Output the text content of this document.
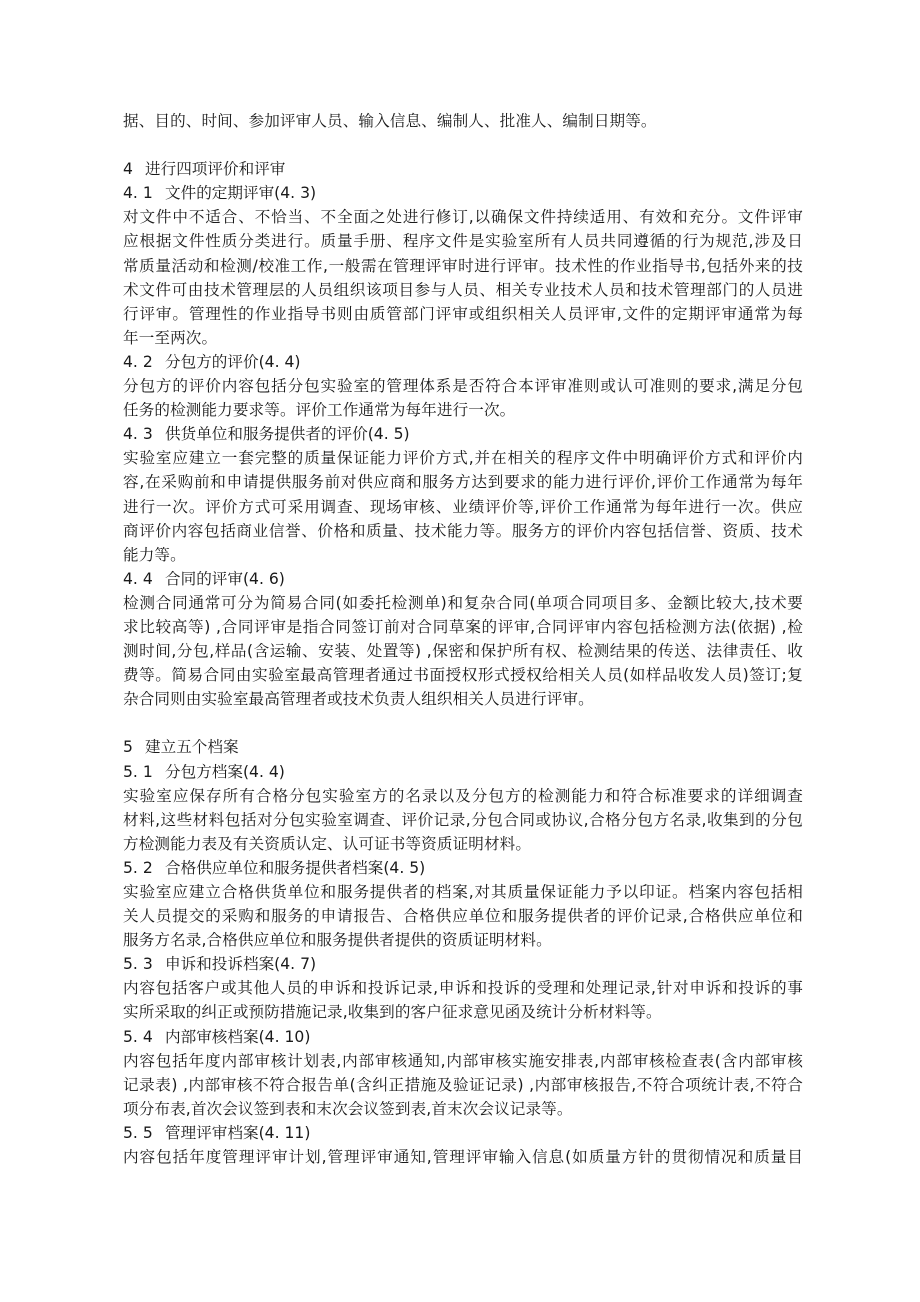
据、目的、时间、参加评审人员、输入信息、编制人、批准人、编制日期等。
4 进行四项评价和评审
4. 1 文件的定期评审(4. 3)
对文件中不适合、不恰当、不全面之处进行修订,以确保文件持续适用、有效和充分。文件评审
应根据文件性质分类进行。质量手册、程序文件是实验室所有人员共同遵循的行为规范,涉及日
常质量活动和检测/校准工作,一般需在管理评审时进行评审。技术性的作业指导书,包括外来的技
术文件可由技术管理层的人员组织该项目参与人员、相关专业技术人员和技术管理部门的人员进
行评审。管理性的作业指导书则由质管部门评审或组织相关人员评审,文件的定期评审通常为每
年一至两次。
4. 2 分包方的评价(4. 4)
分包方的评价内容包括分包实验室的管理体系是否符合本评审准则或认可准则的要求,满足分包
任务的检测能力要求等。评价工作通常为每年进行一次。
4. 3 供货单位和服务提供者的评价(4. 5)
实验室应建立一套完整的质量保证能力评价方式,并在相关的程序文件中明确评价方式和评价内
容,在采购前和申请提供服务前对供应商和服务方达到要求的能力进行评价,评价工作通常为每年
进行一次。评价方式可采用调查、现场审核、业绩评价等,评价工作通常为每年进行一次。供应
商评价内容包括商业信誉、价格和质量、技术能力等。服务方的评价内容包括信誉、资质、技术
能力等。
4. 4 合同的评审(4. 6)
检测合同通常可分为简易合同(如委托检测单)和复杂合同(单项合同项目多、金额比较大,技术要
求比较高等) ,合同评审是指合同签订前对合同草案的评审,合同评审内容包括检测方法(依据) ,检
测时间,分包,样品(含运输、安装、处置等) ,保密和保护所有权、检测结果的传送、法律责任、收
费等。简易合同由实验室最高管理者通过书面授权形式授权给相关人员(如样品收发人员)签订;复
杂合同则由实验室最高管理者或技术负责人组织相关人员进行评审。
5 建立五个档案
5. 1 分包方档案(4. 4)
实验室应保存所有合格分包实验室方的名录以及分包方的检测能力和符合标准要求的详细调查
材料,这些材料包括对分包实验室调查、评价记录,分包合同或协议,合格分包方名录,收集到的分包
方检测能力表及有关资质认定、认可证书等资质证明材料。
5. 2 合格供应单位和服务提供者档案(4. 5)
实验室应建立合格供货单位和服务提供者的档案,对其质量保证能力予以印证。档案内容包括相
关人员提交的采购和服务的申请报告、合格供应单位和服务提供者的评价记录,合格供应单位和
服务方名录,合格供应单位和服务提供者提供的资质证明材料。
5. 3 申诉和投诉档案(4. 7)
内容包括客户或其他人员的申诉和投诉记录,申诉和投诉的受理和处理记录,针对申诉和投诉的事
实所采取的纠正或预防措施记录,收集到的客户征求意见函及统计分析材料等。
5. 4 内部审核档案(4. 10)
内容包括年度内部审核计划表,内部审核通知,内部审核实施安排表,内部审核检查表(含内部审核
记录表) ,内部审核不符合报告单(含纠正措施及验证记录) ,内部审核报告,不符合项统计表,不符合
项分布表,首次会议签到表和末次会议签到表,首末次会议记录等。
5. 5 管理评审档案(4. 11)
内容包括年度管理评审计划,管理评审通知,管理评审输入信息(如质量方针的贯彻情况和质量目
